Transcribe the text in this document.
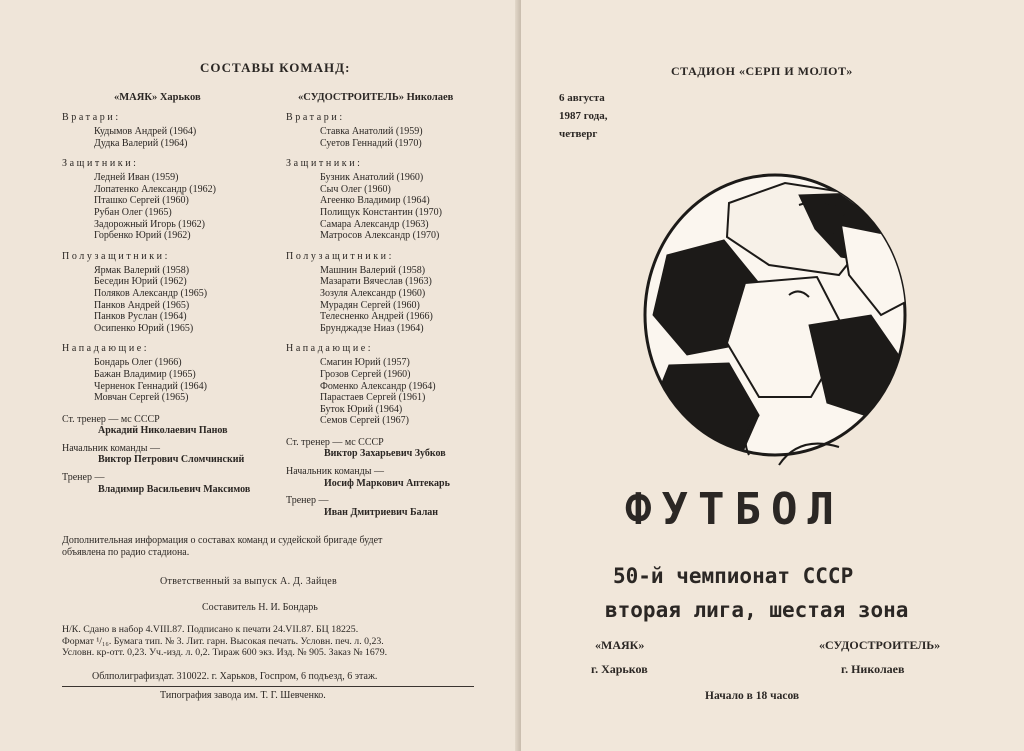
СОСТАВЫ КОМАНД:
«МАЯК» Харьков
Вратари:
Кудымов Андрей (1964)
Дудка Валерий (1964)
Защитники:
Ледней Иван (1959)
Лопатенко Александр (1962)
Пташко Сергей (1960)
Рубан Олег (1965)
Задорожный Игорь (1962)
Горбенко Юрий (1962)
Полузащитники:
Ярмак Валерий (1958)
Беседин Юрий (1962)
Поляков Александр (1965)
Панков Андрей (1965)
Панков Руслан (1964)
Осипенко Юрий (1965)
Нападающие:
Бондарь Олег (1966)
Бажан Владимир (1965)
Черненок Геннадий (1964)
Мовчан Сергей (1965)
Ст. тренер — мс СССР
Аркадий Николаевич Панов
Начальник команды —
Виктор Петрович Сломчинский
Тренер —
Владимир Васильевич Максимов
«СУДОСТРОИТЕЛЬ» Николаев
Вратари:
Ставка Анатолий (1959)
Суетов Геннадий (1970)
Защитники:
Бузник Анатолий (1960)
Сыч Олег (1960)
Агеенко Владимир (1964)
Полищук Константин (1970)
Самара Александр (1963)
Матросов Александр (1970)
Полузащитники:
Машнин Валерий (1958)
Мазарати Вячеслав (1963)
Зозуля Александр (1960)
Мурадян Сергей (1960)
Телесненко Андрей (1966)
Брунджадзе Ниаз (1964)
Нападающие:
Смагин Юрий (1957)
Грозов Сергей (1960)
Фоменко Александр (1964)
Парастаев Сергей (1961)
Буток Юрий (1964)
Семов Сергей (1967)
Ст. тренер — мс СССР
Виктор Захарьевич Зубков
Начальник команды —
Иосиф Маркович Аптекарь
Тренер —
Иван Дмитриевич Балан
Дополнительная информация о составах команд и судейской бригаде будет
объявлена по радио стадиона.
Ответственный за выпуск А. Д. Зайцев
Составитель Н. И. Бондарь
Н/К. Сдано в набор 4.VIII.87. Подписано к печати 24.VII.87. БЦ 18225.
Формат ¹/₁₆. Бумага тип. № 3. Лит. гарн. Высокая печать. Условн. печ. л. 0,23.
Условн. кр-отт. 0,23. Уч.-изд. л. 0,2. Тираж 600 экз. Изд. № 905. Заказ № 1679.
Облполиграфиздат. 310022. г. Харьков, Госпром, 6 подъезд, 6 этаж.
Типография завода им. Т. Г. Шевченко.
СТАДИОН «СЕРП И МОЛОТ»
6 августа
1987 года,
четверг
ФУТБОЛ
50-й чемпионат СССР
вторая лига, шестая зона
«МАЯК»
г. Харьков
«СУДОСТРОИТЕЛЬ»
г. Николаев
Начало в 18 часов
